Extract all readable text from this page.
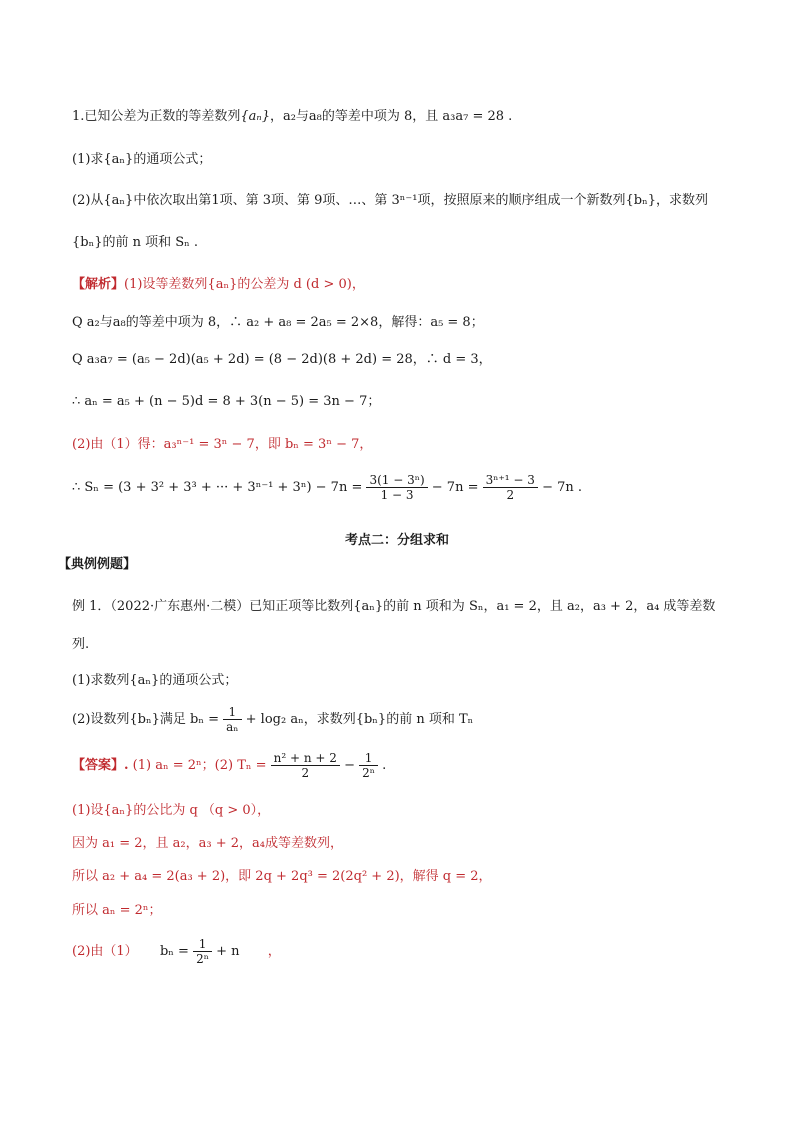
1.已知公差为正数的等差数列{aₙ}，a₂与a₈的等差中项为 8，且 a₃a₇ = 28 .
(1)求{aₙ}的通项公式；
(2)从{aₙ}中依次取出第1项、第 3项、第 9项、…、第 3ⁿ⁻¹项，按照原来的顺序组成一个新数列{bₙ}，求数列
{bₙ}的前 n 项和 Sₙ .
【解析】(1)设等差数列{aₙ}的公差为 d (d > 0)，
Q a₂与a₈的等差中项为 8，∴ a₂ + a₈ = 2a₅ = 2×8，解得：a₅ = 8；
Q a₃a₇ = (a₅ − 2d)(a₅ + 2d) = (8 − 2d)(8 + 2d) = 28，∴ d = 3，
∴ aₙ = a₅ + (n − 5)d = 8 + 3(n − 5) = 3n − 7；
(2)由（1）得：a₃ⁿ⁻¹ = 3ⁿ − 7，即 bₙ = 3ⁿ − 7，
∴ Sₙ = (3 + 3² + 3³ + ··· + $3^{n-1} + 3^n) - 7n = \frac{\text{3(1 − 3ⁿ)}}{1 - 3} - 7n = \frac{\text{3ⁿ⁺¹ − 3}}{2} - 7n$ .
考点二：分组求和
【典例例题】
例 1．（2022·广东惠州·二模）已知正项等比数列{aₙ}的前 n 项和为 Sₙ，a₁ = 2，且 a₂，a₃ + 2，a₄ 成等差数
列.
(1)求数列{aₙ}的通项公式；
(2)设数列{bₙ}满足 $b_n = \frac{1}{\text{aₙ}} + \log_2$ aₙ，求数列{bₙ}的前 n 项和 Tₙ
【答案】. (1) aₙ = 2ⁿ；(2) $T_n = \frac{\text{n² + n + 2}}{2} - \frac{1}{\text{2ⁿ}}$ .
(1)设{aₙ}的公比为 q （q > 0），
因为 a₁ = 2，且 a₂，a₃ + 2，a₄成等差数列，
所以 a₂ + a₄ = 2(a₃ + 2)，即 2q + 2q³ = 2(2q² + 2)，解得 q = 2，
所以 aₙ = 2ⁿ；
(2)由（1） $b_n = \frac{1}{\text{2ⁿ}} + n$ ，
